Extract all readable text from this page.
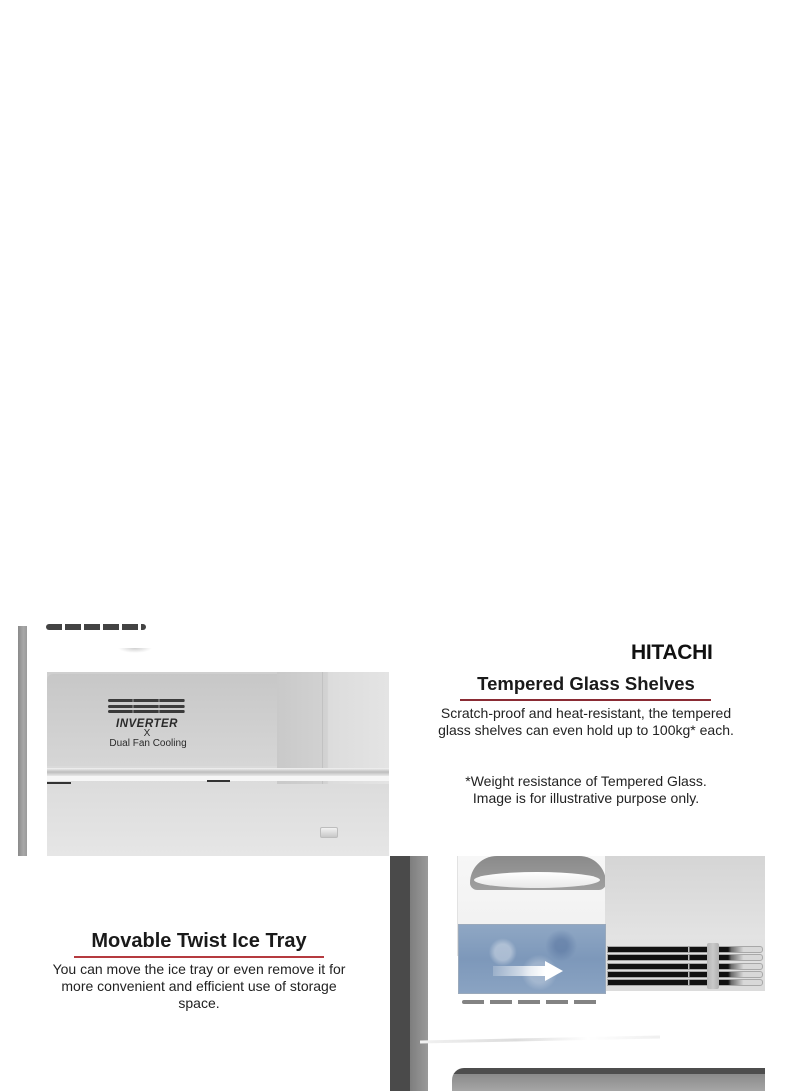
INVERTER
X
Dual Fan Cooling
HITACHI
Tempered Glass Shelves
Scratch-proof and heat-resistant, the tempered glass shelves can even hold up to 100kg* each.
*Weight resistance of Tempered Glass.
Image is for illustrative purpose only.
Movable Twist Ice Tray
You can move the ice tray or even remove it for more convenient and efficient use of storage space.
